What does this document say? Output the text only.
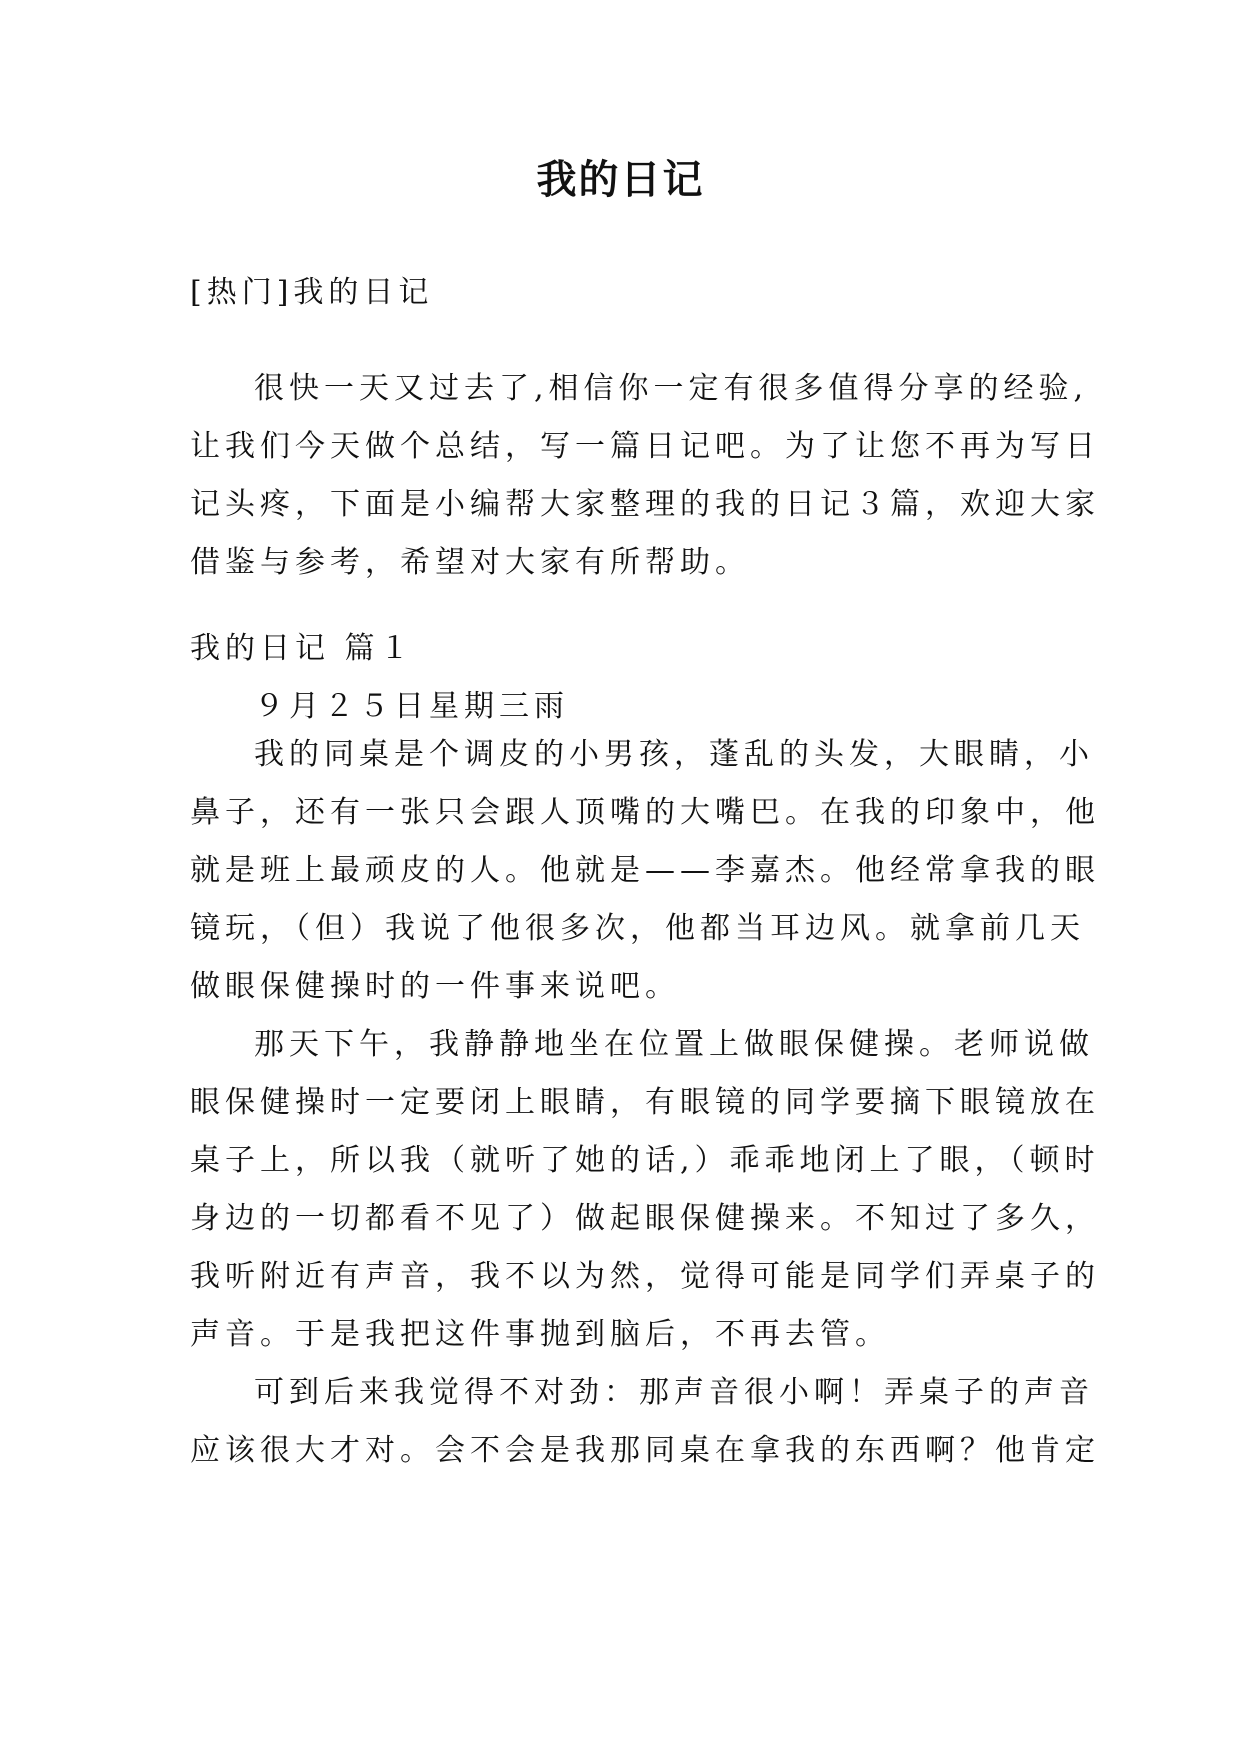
我的日记
[热门]我的日记
很快一天又过去了,相信你一定有很多值得分享的经验,
让我们今天做个总结，写一篇日记吧。为了让您不再为写日
记头疼，下面是小编帮大家整理的我的日记３篇，欢迎大家
借鉴与参考，希望对大家有所帮助。
我的日记 篇１
９月２５日星期三雨
我的同桌是个调皮的小男孩，蓬乱的头发，大眼睛，小
鼻子，还有一张只会跟人顶嘴的大嘴巴。在我的印象中，他
就是班上最顽皮的人。他就是——李嘉杰。他经常拿我的眼
镜玩，（但）我说了他很多次，他都当耳边风。就拿前几天
做眼保健操时的一件事来说吧。
那天下午，我静静地坐在位置上做眼保健操。老师说做
眼保健操时一定要闭上眼睛，有眼镜的同学要摘下眼镜放在
桌子上，所以我（就听了她的话,）乖乖地闭上了眼，（顿时
身边的一切都看不见了）做起眼保健操来。不知过了多久，
我听附近有声音，我不以为然，觉得可能是同学们弄桌子的
声音。于是我把这件事抛到脑后，不再去管。
可到后来我觉得不对劲：那声音很小啊！弄桌子的声音
应该很大才对。会不会是我那同桌在拿我的东西啊？他肯定
